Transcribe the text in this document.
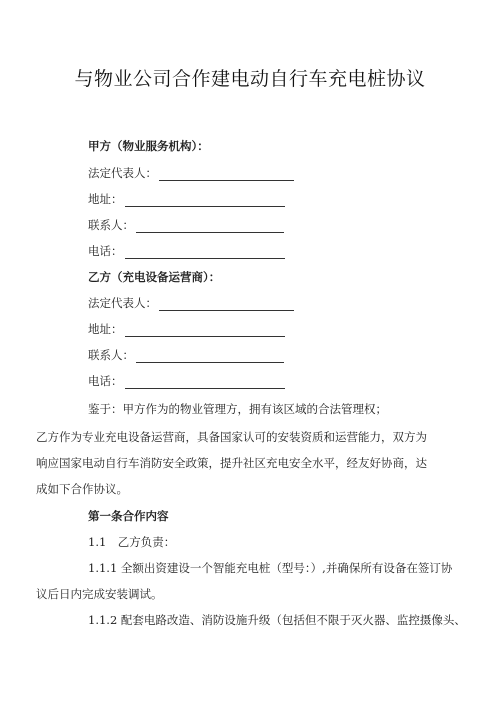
与物业公司合作建电动自行车充电桩协议
甲方（物业服务机构）：
法定代表人：
地址：
联系人：
电话：
乙方（充电设备运营商）：
法定代表人：
地址：
联系人：
电话：
鉴于：甲方作为的物业管理方，拥有该区域的合法管理权；
乙方作为专业充电设备运营商，具备国家认可的安装资质和运营能力，双方为
响应国家电动自行车消防安全政策，提升社区充电安全水平，经友好协商，达
成如下合作协议。
第一条合作内容
1.1　乙方负责：
1.1.1 全额出资建设一个智能充电桩（型号：）,并确保所有设备在签订协
议后日内完成安装调试。
1.1.2 配套电路改造、消防设施升级（包括但不限于灭火器、监控摄像头、
